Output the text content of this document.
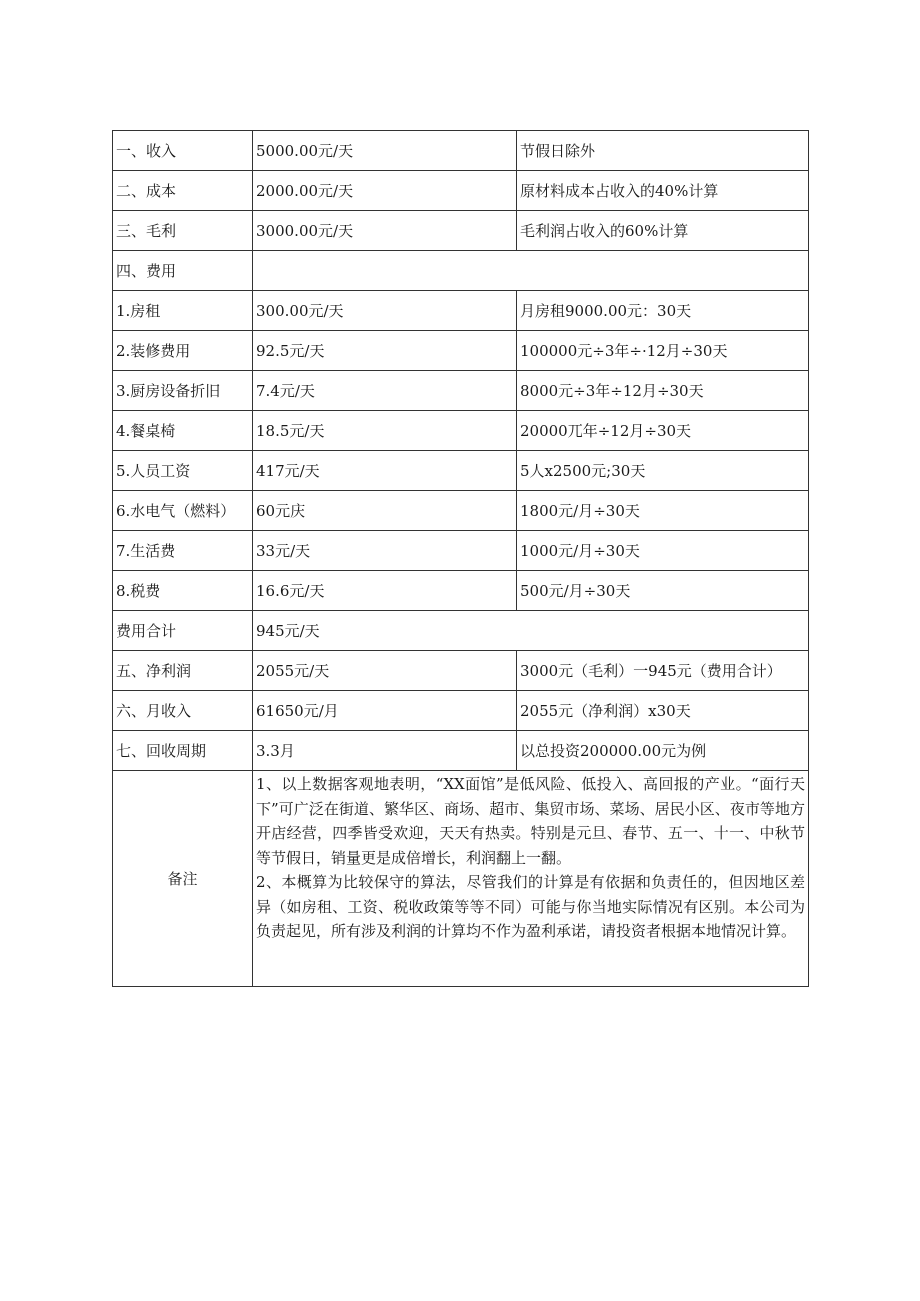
一、收入	5000.00元/天	节假日除外
二、成本	2000.00元/天	原材料成本占收入的40%计算
三、毛利	3000.00元/天	毛利润占收入的60%计算
四、费用		
1.房租	300.00元/天	月房租9000.00元：30天
2.装修费用	92.5元/天	100000元÷3年÷·12月÷30天
3.厨房设备折旧	7.4元/天	8000元÷3年÷12月÷30天
4.餐桌椅	18.5元/天	20000兀年÷12月÷30天
5.人员工资	417元/天	5人x2500元;30天
6.水电气（燃料）	60元庆	1800元/月÷30天
7.生活费	33元/天	1000元/月÷30天
8.税费	16.6元/天	500元/月÷30天
费用合计	945元/天	
五、净利润	2055元/天	3000元（毛利）一945元（费用合计）
六、月收入	61650元/月	2055元（净利润）x30天
七、回收周期	3.3月	以总投资200000.00元为例
备注	1、以上数据客观地表明，“XX面馆”是低风险、低投入、高回报的产业。“面行天下”可广泛在街道、繁华区、商场、超市、集贸市场、菜场、居民小区、夜市等地方开店经营，四季皆受欢迎，天天有热卖。特别是元旦、春节、五一、十一、中秋节等节假日，销量更是成倍增长，利润翻上一翻。
2、本概算为比较保守的算法，尽管我们的计算是有依据和负责任的，但因地区差异（如房租、工资、税收政策等等不同）可能与你当地实际情况有区别。本公司为负责起见，所有涉及利润的计算均不作为盈利承诺，请投资者根据本地情况计算。	
